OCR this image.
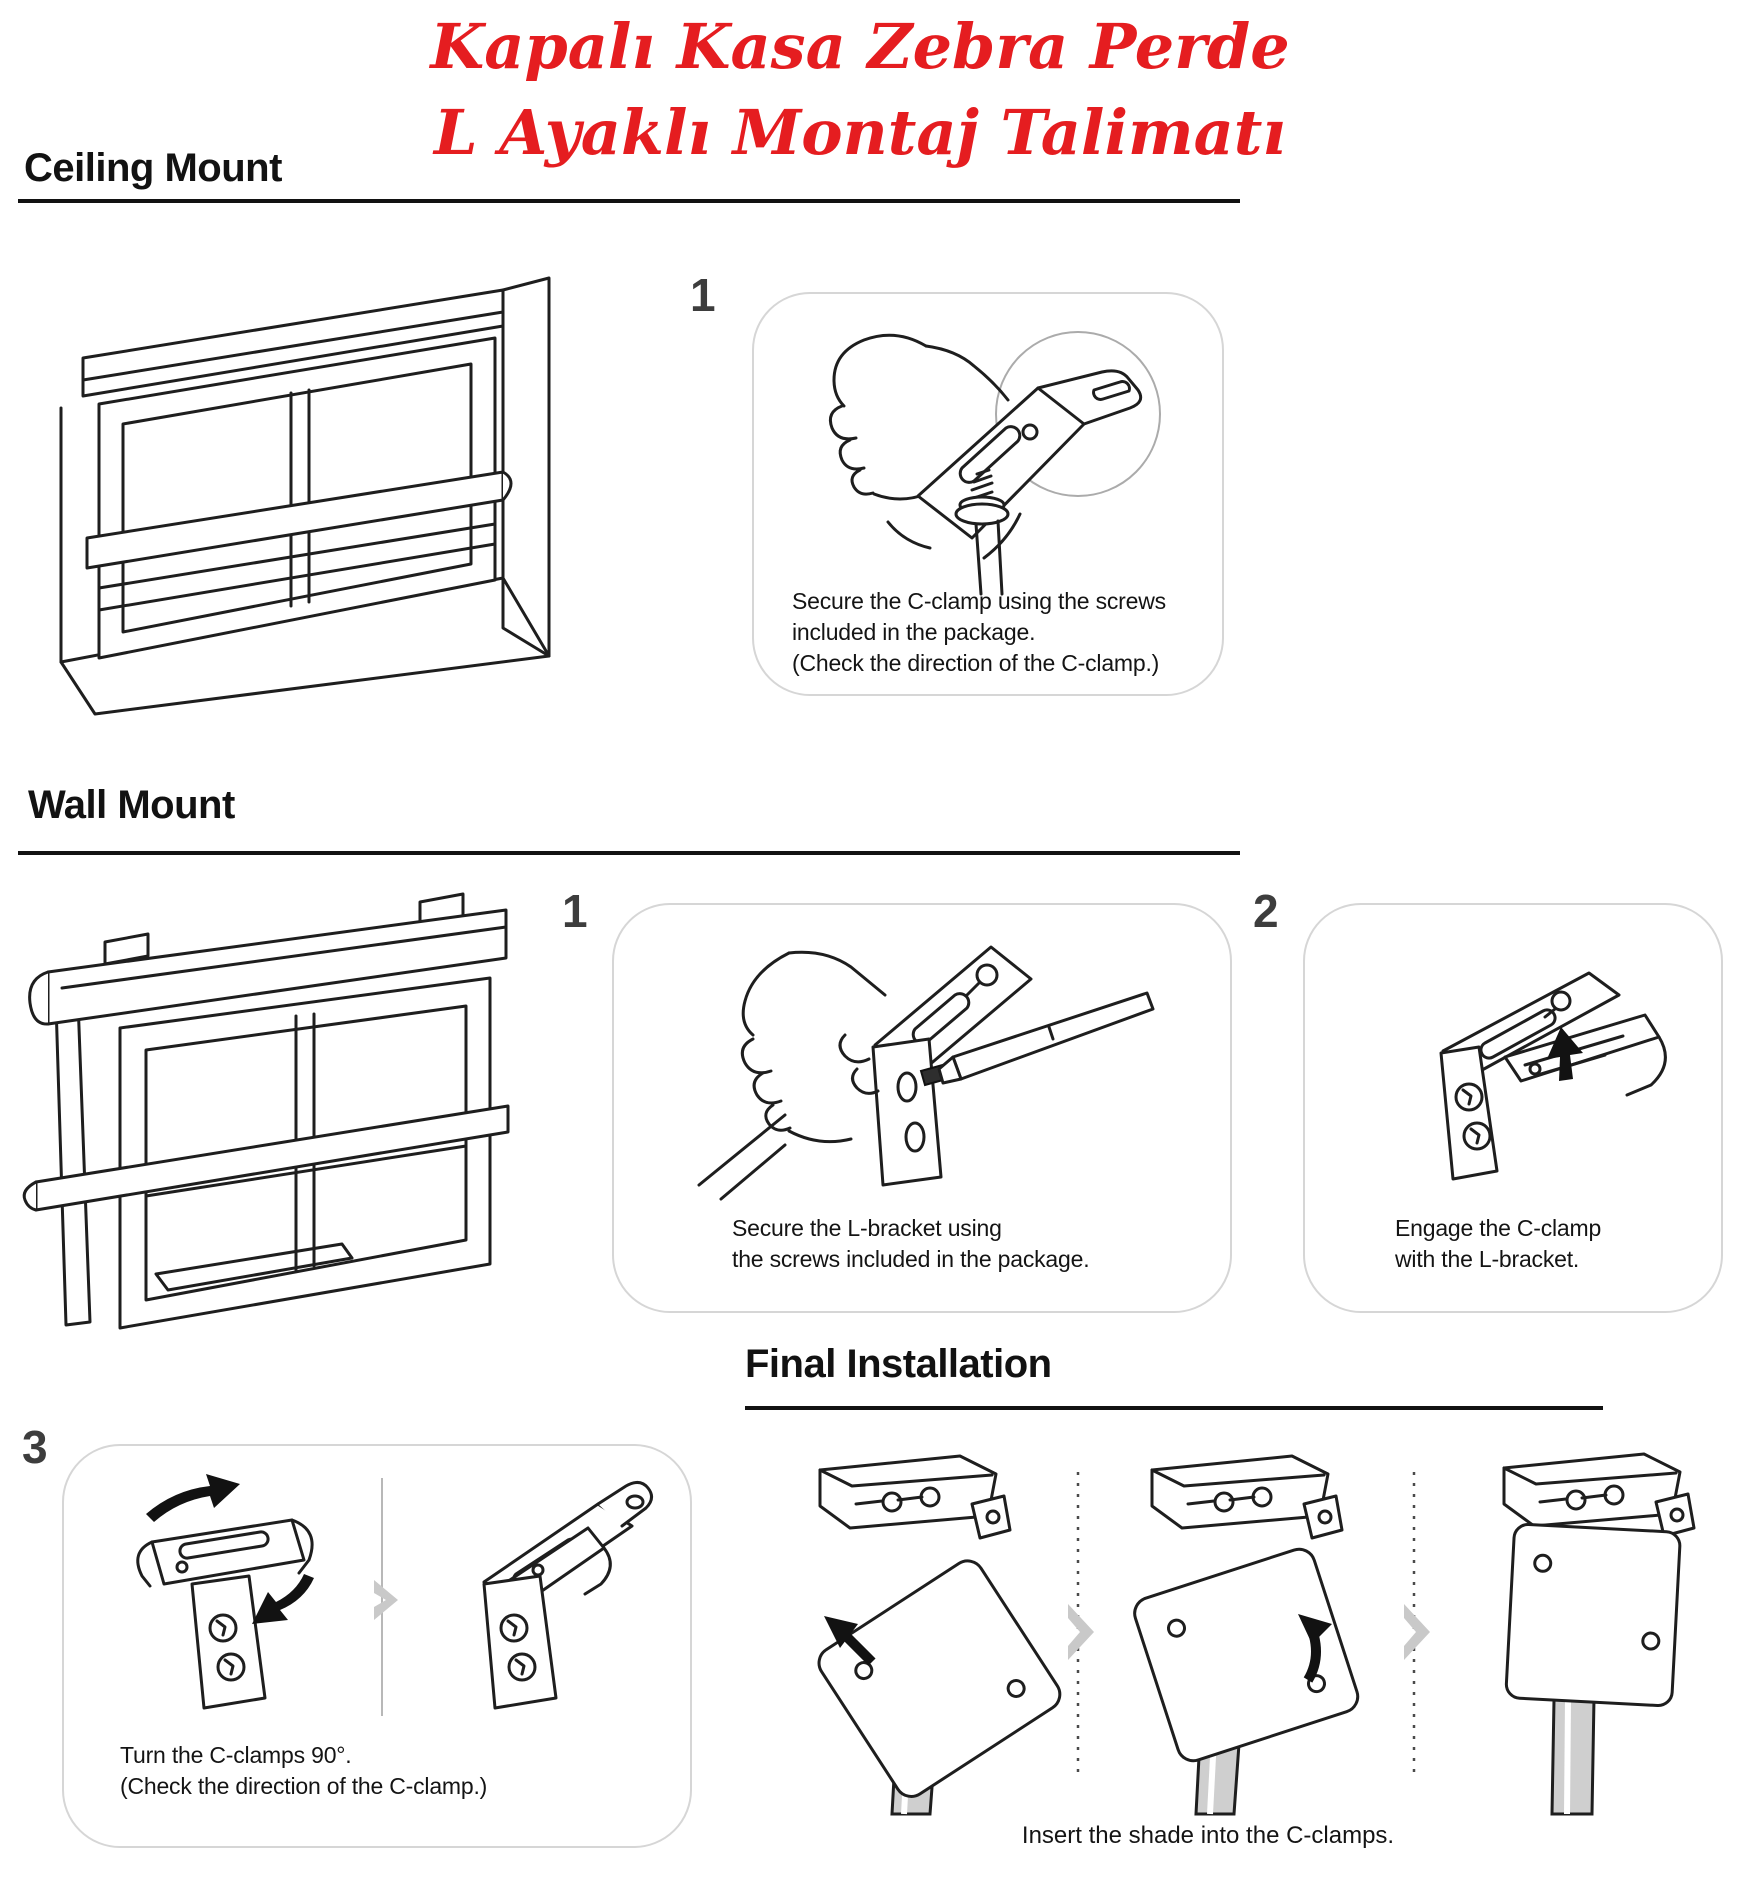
Kapalı Kasa Zebra Perde
L Ayaklı Montaj Talimatı
Ceiling Mount
1
Secure the C-clamp using the screws
included in the package.
(Check the direction of the C-clamp.)
Wall Mount
1
Secure the L-bracket using
the screws included in the package.
2
Engage the C-clamp
with the L-bracket.
Final Installation
3
Turn the C-clamps 90°.
(Check the direction of the C-clamp.)
Insert the shade into the C-clamps.
